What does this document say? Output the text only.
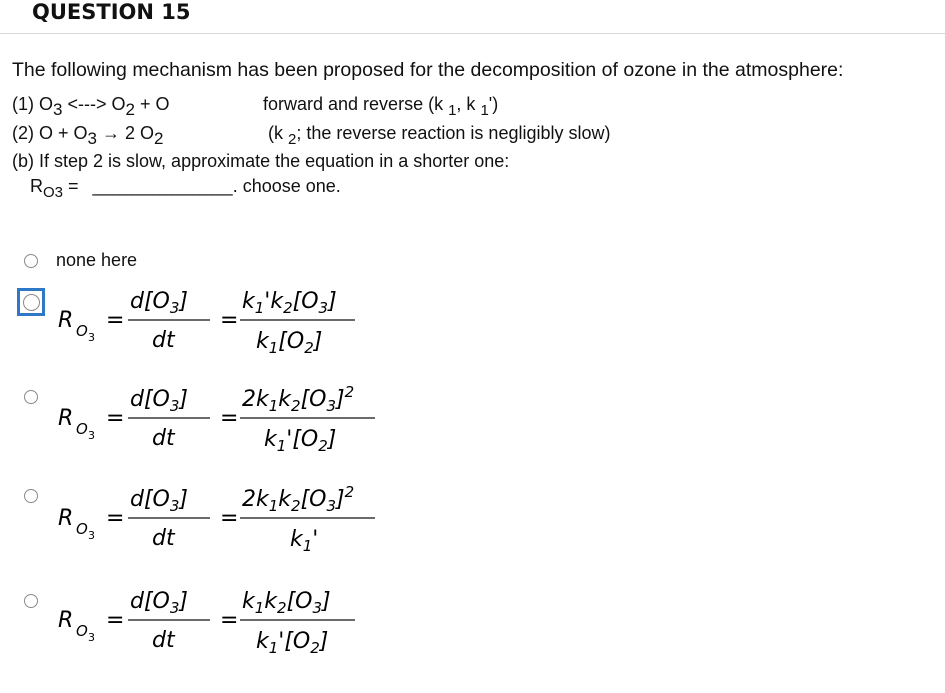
QUESTION 15
The following mechanism has been proposed for the decomposition of ozone in the atmosphere:
(1) O3 <---> O2 + O	forward and reverse (k $_1$, k $_1$')
(2) O + O3 → 2 O2	(k $_2$; the reverse reaction is negligibly slow)
(b) If step 2 is slow, approximate the equation in a shorter one:
$R_{O3}$ = ______________. choose one.
none here
R O 3
=
$d[O_3]$
dt
=
$k_1'k_2[O_3]$
$k_1[O_2]$
R O 3
=
$d[O_3]$
dt
=
$2k_1k_2[O_3]^2$
$k_1'[O_2]$
R O 3
=
$d[O_3]$
dt
=
$2k_1k_2[O_3]^2$
$k_1'$
R O 3
=
$d[O_3]$
dt
=
$k_1k_2[O_3]$
$k_1'[O_2]$
